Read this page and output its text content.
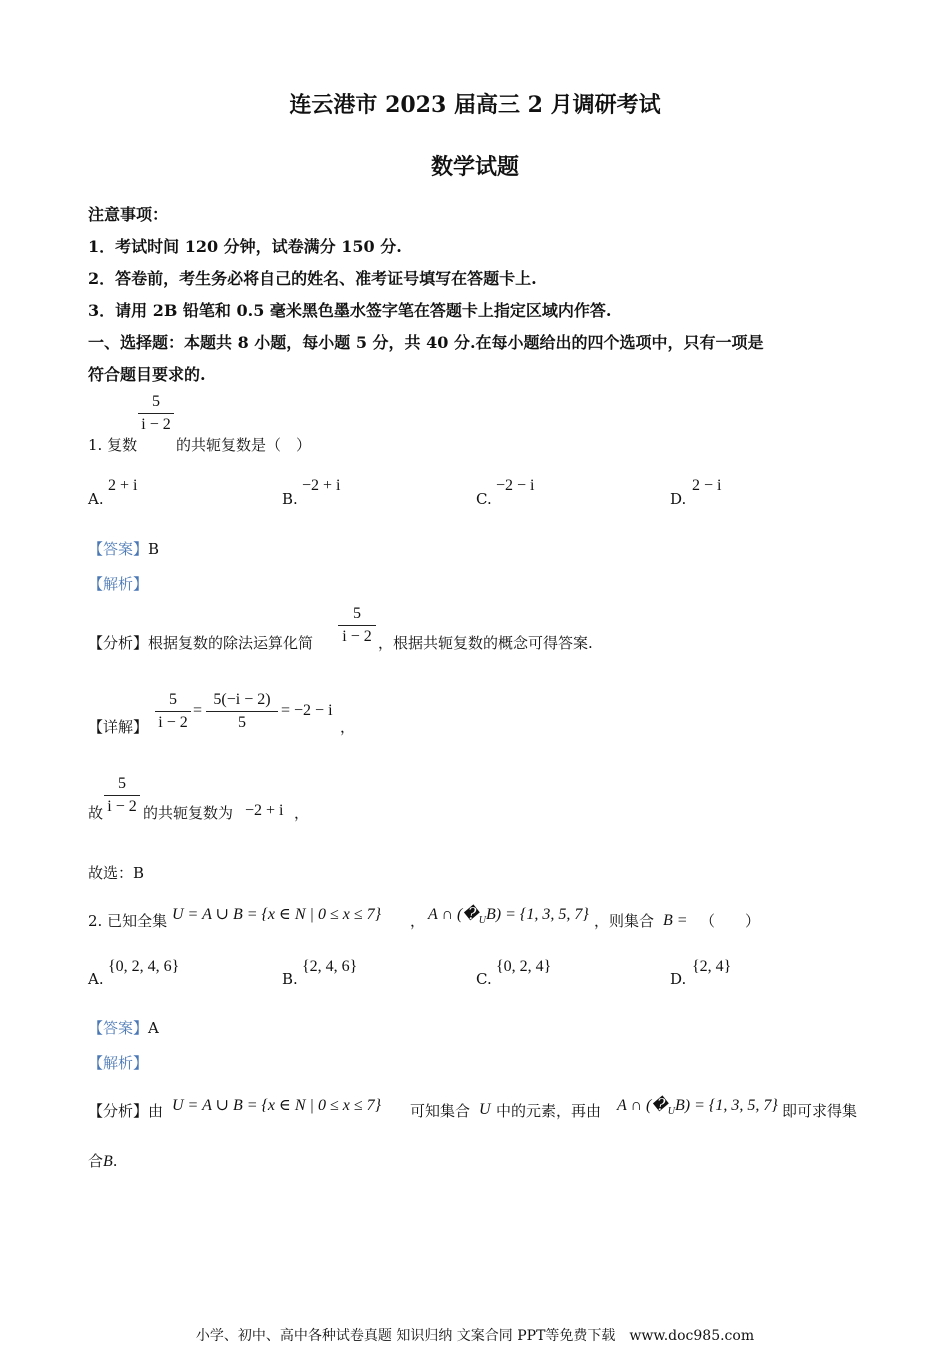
连云港市 2023 届高三 2 月调研考试
数学试题
注意事项：
1．考试时间 120 分钟，试卷满分 150 分.
2．答卷前，考生务必将自己的姓名、准考证号填写在答题卡上.
3．请用 2B 铅笔和 0.5 毫米黑色墨水签字笔在答题卡上指定区域内作答.
一、选择题：本题共 8 小题，每小题 5 分，共 40 分.在每小题给出的四个选项中，只有一项是
符合题目要求的.
1. 复数
5
i − 2
的共轭复数是（　）
A.
2 + i
B.
−2 + i
C.
−2 − i
D.
2 − i
【答案】B
【解析】
【分析】根据复数的除法运算化简
5
i − 2 ，根据共轭复数的概念可得答案.
【详解】
5
i − 2
=
5(−i − 2)
5
= −2 − i
，
故
5
i − 2 的共轭复数为 −2 + i ，
故选：B
2. 已知全集 U = A ∪ B = {x ∈ N | 0 ≤ x ≤ 7} ， A ∩ $(�_UB) = \{1$, 3, 5, 7} ，则集合 B = （　　）
A.
{0, 2, 4, 6}
B.
{2, 4, 6}
C.
{0, 2, 4}
D.
{2, 4}
【答案】A
【解析】
【分析】由 U = A ∪ B = {x ∈ N | 0 ≤ x ≤ 7} 可知集合 U 中的元素，再由 A ∩ $(�_UB) = \{1$, 3, 5, 7} 即可求得集
合B.
小学、初中、高中各种试卷真题 知识归纳 文案合同 PPT等免费下载　www.doc985.com
